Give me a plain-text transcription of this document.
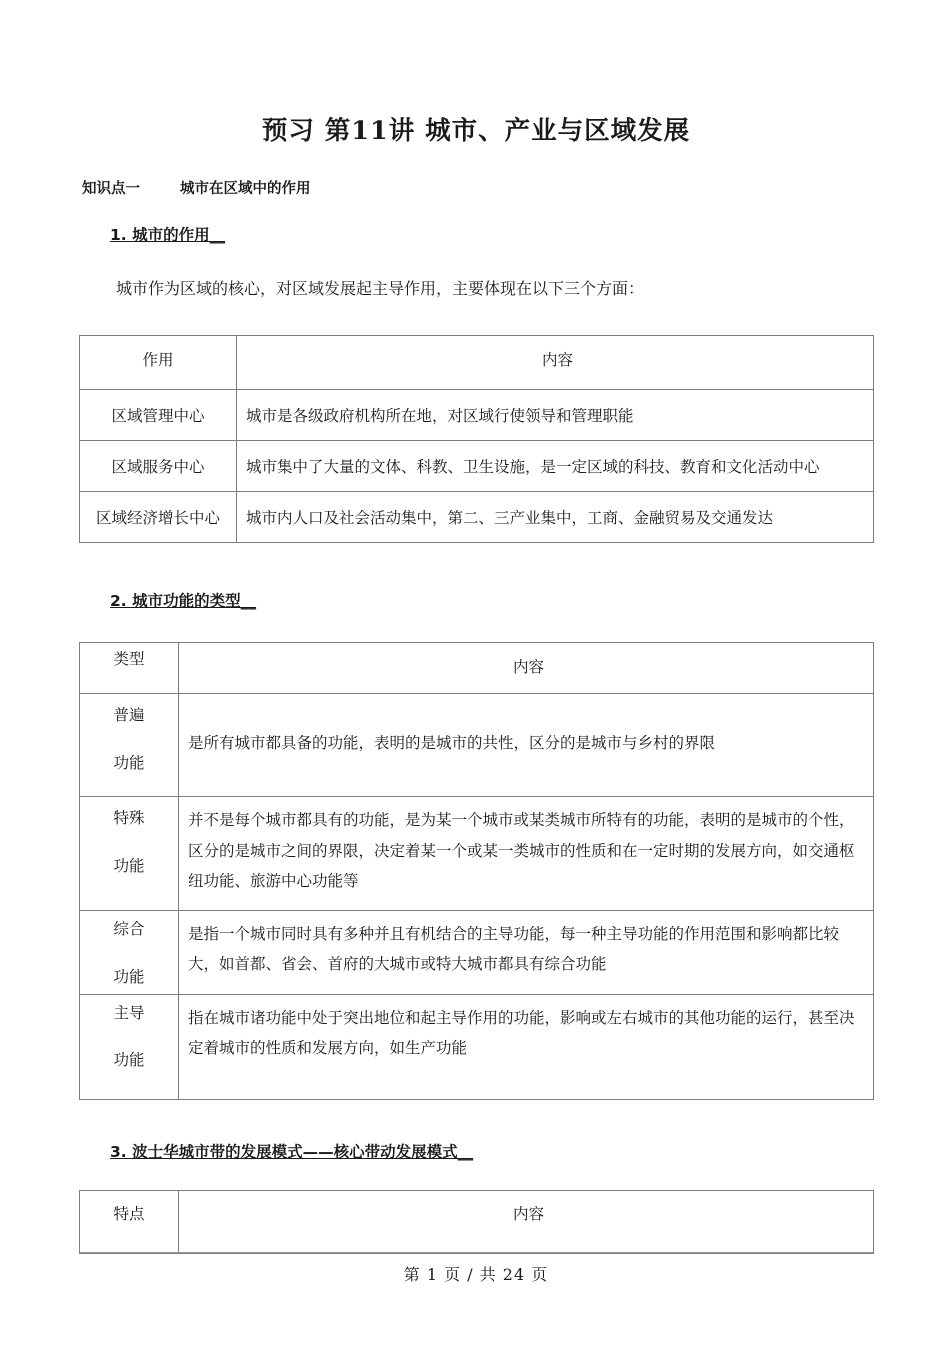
预习 第11讲 城市、产业与区域发展
知识点一	城市在区域中的作用
1. 城市的作用__

城市作为区域的核心，对区域发展起主导作用，主要体现在以下三个方面：

作用	内容

区域管理中心	城市是各级政府机构所在地，对区域行使领导和管理职能

区域服务中心	城市集中了大量的文体、科教、卫生设施，是一定区域的科技、教育和文化活动中心

区域经济增长中心	城市内人口及社会活动集中，第二、三产业集中，工商、金融贸易及交通发达
2. 城市功能的类型__
类型	内容

普遍
功能	是所有城市都具备的功能，表明的是城市的共性，区分的是城市与乡村的界限

特殊
功能	并不是每个城市都具有的功能，是为某一个城市或某类城市所特有的功能，表明的是城市的个性，区分的是城市之间的界限，决定着某一个或某一类城市的性质和在一定时期的发展方向，如交通枢纽功能、旅游中心功能等

综合
功能	是指一个城市同时具有多种并且有机结合的主导功能，每一种主导功能的作用范围和影响都比较大，如首都、省会、首府的大城市或特大城市都具有综合功能

主导
功能	指在城市诸功能中处于突出地位和起主导作用的功能，影响或左右城市的其他功能的运行，甚至决定着城市的性质和发展方向，如生产功能
3. 波士华城市带的发展模式——核心带动发展模式__
特点	内容
第 1 页 / 共 24 页
